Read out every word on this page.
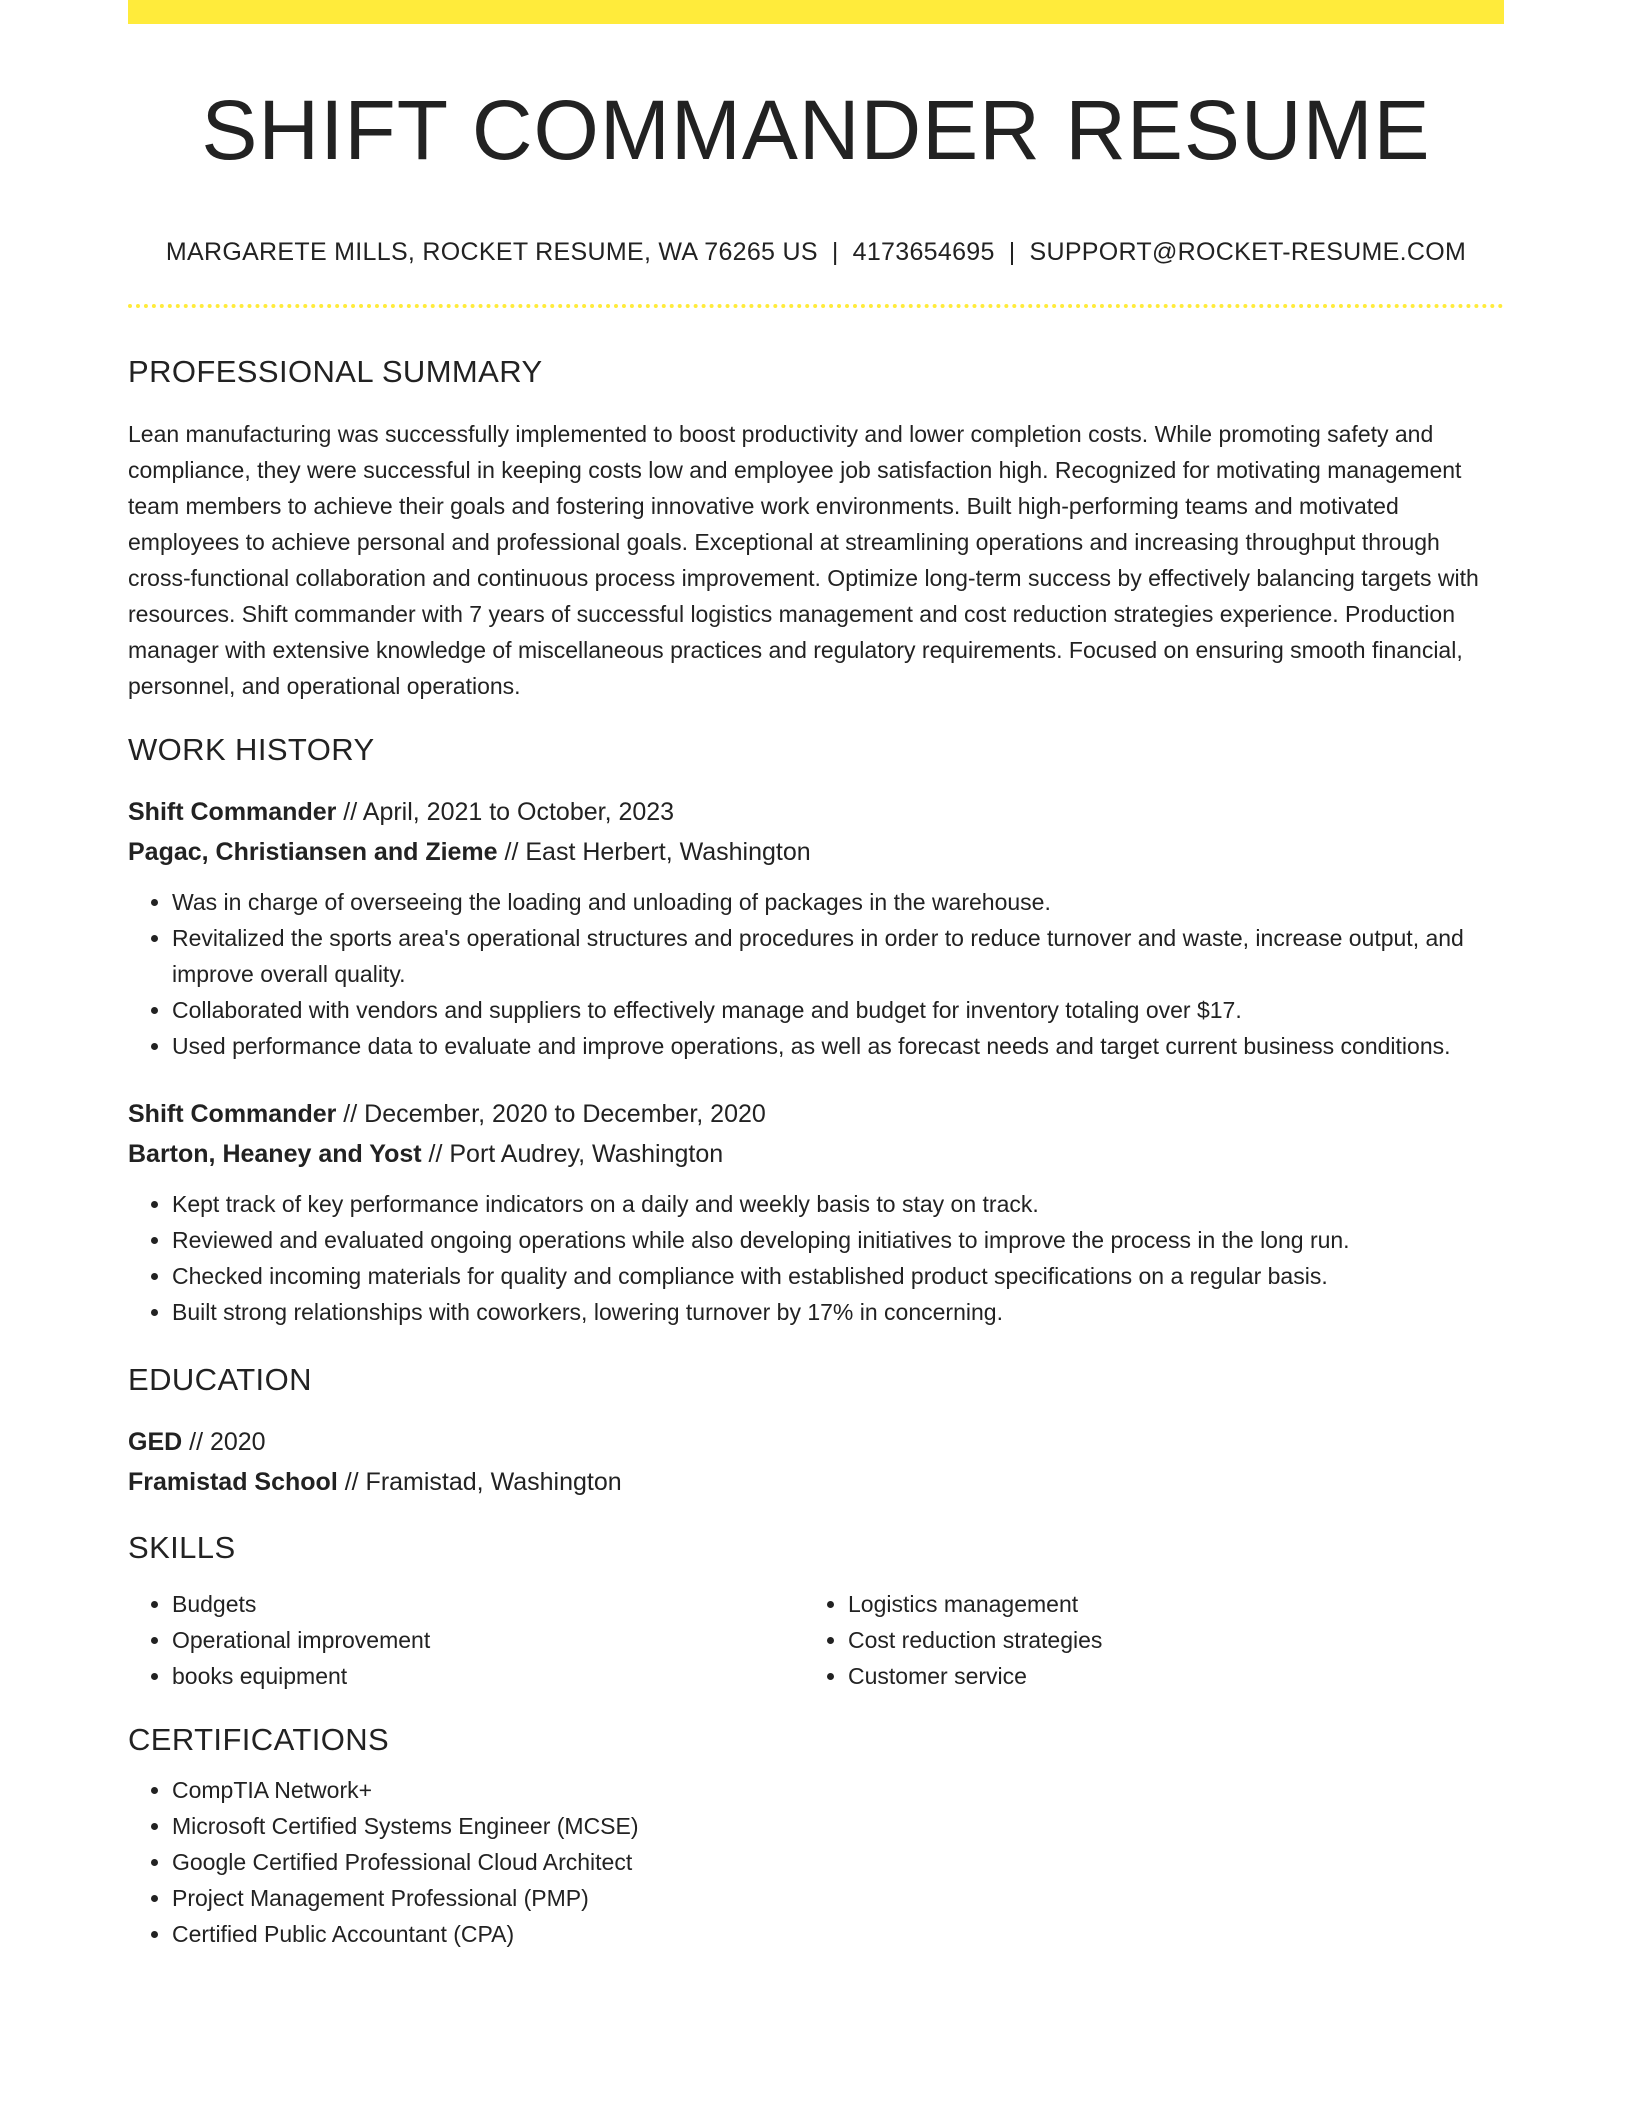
SHIFT COMMANDER RESUME
MARGARETE MILLS, ROCKET RESUME, WA 76265 US | 4173654695 | SUPPORT@ROCKET-RESUME.COM
PROFESSIONAL SUMMARY

Lean manufacturing was successfully implemented to boost productivity and lower completion costs. While promoting safety and compliance, they were successful in keeping costs low and employee job satisfaction high. Recognized for motivating management team members to achieve their goals and fostering innovative work environments. Built high-performing teams and motivated employees to achieve personal and professional goals. Exceptional at streamlining operations and increasing throughput through cross-functional collaboration and continuous process improvement. Optimize long-term success by effectively balancing targets with resources. Shift commander with 7 years of successful logistics management and cost reduction strategies experience. Production manager with extensive knowledge of miscellaneous practices and regulatory requirements. Focused on ensuring smooth financial, personnel, and operational operations.

WORK HISTORY
Shift Commander // April, 2021 to October, 2023
Pagac, Christiansen and Zieme // East Herbert, Washington
• Was in charge of overseeing the loading and unloading of packages in the warehouse.
• Revitalized the sports area's operational structures and procedures in order to reduce turnover and waste, increase output, and improve overall quality.
• Collaborated with vendors and suppliers to effectively manage and budget for inventory totaling over $17.
• Used performance data to evaluate and improve operations, as well as forecast needs and target current business conditions.
Shift Commander // December, 2020 to December, 2020
Barton, Heaney and Yost // Port Audrey, Washington
• Kept track of key performance indicators on a daily and weekly basis to stay on track.
• Reviewed and evaluated ongoing operations while also developing initiatives to improve the process in the long run.
• Checked incoming materials for quality and compliance with established product specifications on a regular basis.
• Built strong relationships with coworkers, lowering turnover by 17% in concerning.
EDUCATION
GED // 2020
Framistad School // Framistad, Washington
SKILLS
• Budgets
• Operational improvement
• books equipment
• Logistics management
• Cost reduction strategies
• Customer service
CERTIFICATIONS
• CompTIA Network+
• Microsoft Certified Systems Engineer (MCSE)
• Google Certified Professional Cloud Architect
• Project Management Professional (PMP)
• Certified Public Accountant (CPA)
